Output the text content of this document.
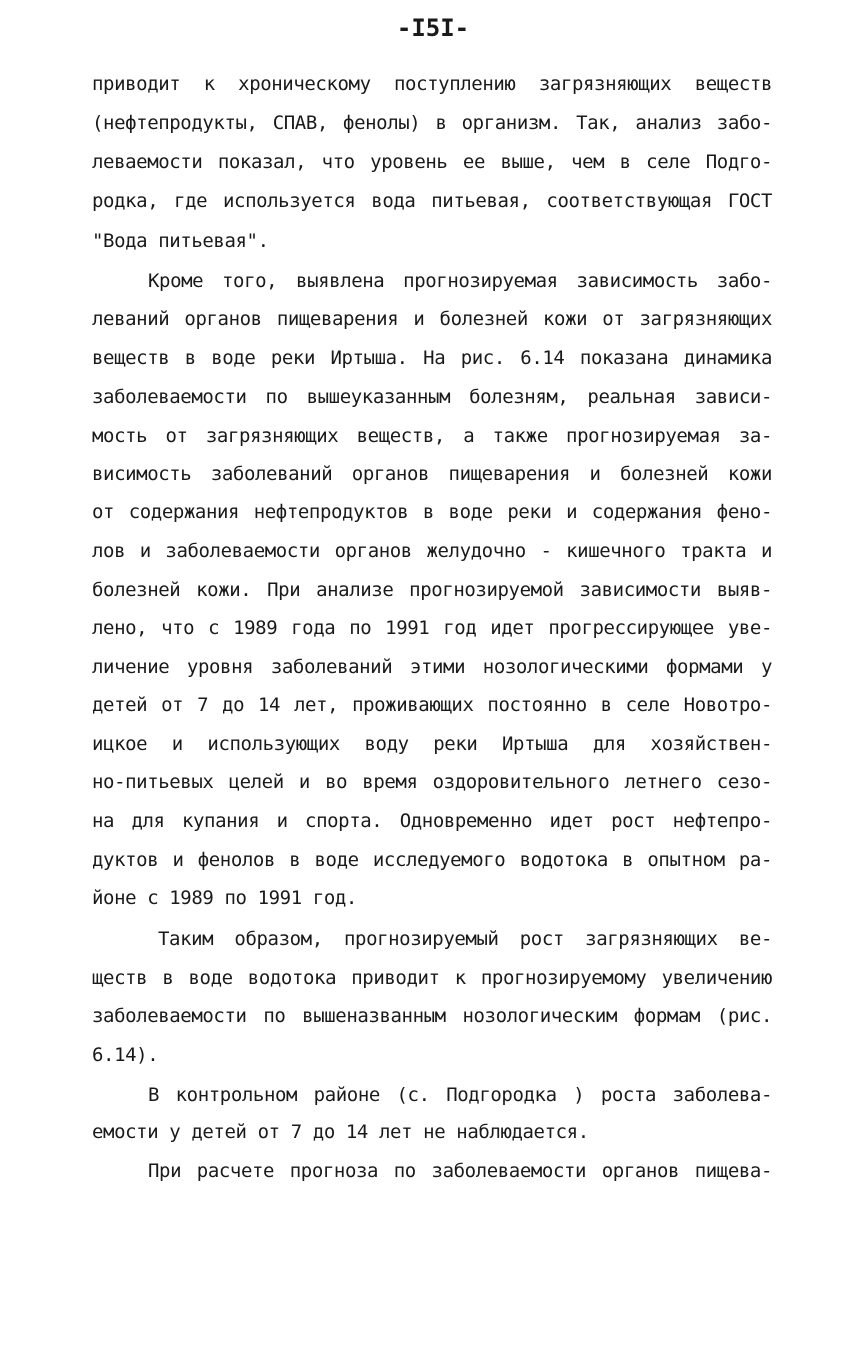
-I5I-
приводит к хроническому поступлению загрязняющих веществ
(нефтепродукты, СПАВ, фенолы) в организм. Так, анализ забо-
леваемости показал, что уровень ее выше, чем в селе Подго-
родка, где используется вода питьевая, соответствующая ГОСТ
"Вода питьевая".
Кроме того, выявлена прогнозируемая зависимость забо-
леваний органов пищеварения и болезней кожи от загрязняющих
веществ в воде реки Иртыша. На рис. 6.14 показана динамика
заболеваемости по вышеуказанным болезням, реальная зависи-
мость от загрязняющих веществ, а также прогнозируемая за-
висимость заболеваний органов пищеварения и болезней кожи
от содержания нефтепродуктов в воде реки и содержания фено-
лов и заболеваемости органов желудочно - кишечного тракта и
болезней кожи. При анализе прогнозируемой зависимости выяв-
лено, что с 1989 года по 1991 год идет прогрессирующее уве-
личение уровня заболеваний этими нозологическими формами у
детей от 7 до 14 лет, проживающих постоянно в селе Новотро-
ицкое и использующих воду реки Иртыша для хозяйствен-
но-питьевых целей и во время оздоровительного летнего сезо-
на для купания и спорта. Одновременно идет рост нефтепро-
дуктов и фенолов в воде исследуемого водотока в опытном ра-
йоне с 1989 по 1991 год.
Таким образом, прогнозируемый рост загрязняющих ве-
ществ в воде водотока приводит к прогнозируемому увеличению
заболеваемости по вышеназванным нозологическим формам (рис.
6.14).
В контрольном районе (с. Подгородка ) роста заболева-
емости у детей от 7 до 14 лет не наблюдается.
При расчете прогноза по заболеваемости органов пищева-
